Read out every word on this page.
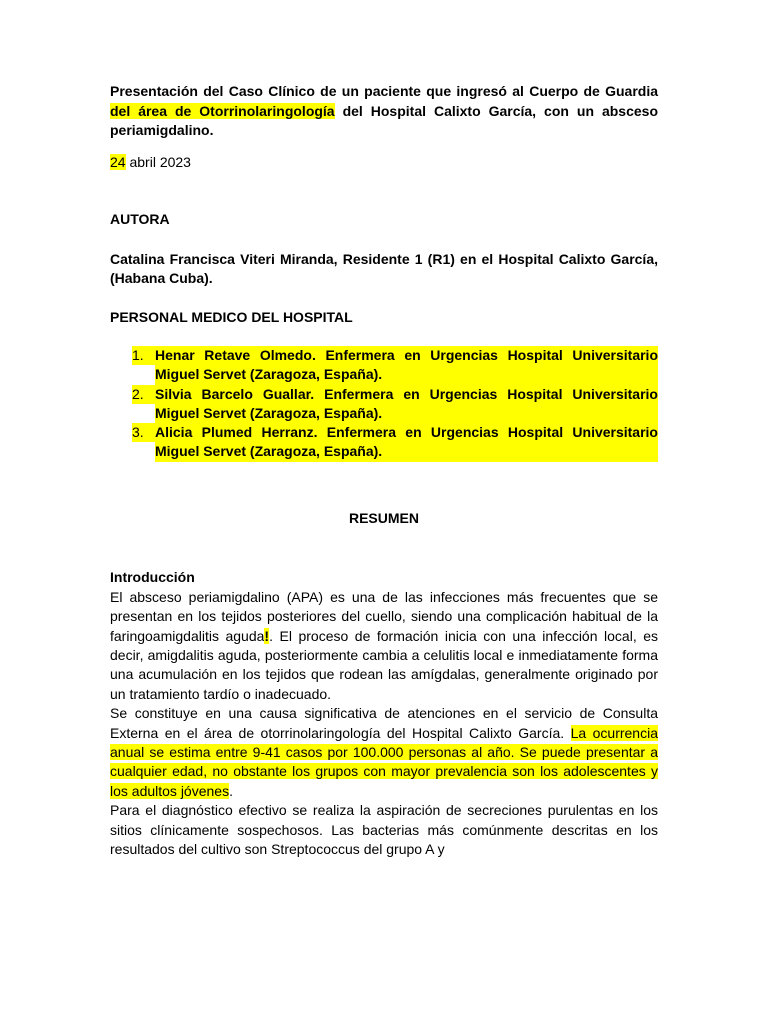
Presentación del Caso Clínico de un paciente que ingresó al Cuerpo de Guardia del área de Otorrinolaringología del Hospital Calixto García, con un absceso periamigdalino.

24 abril 2023

AUTORA

Catalina Francisca Viteri Miranda, Residente 1 (R1) en el Hospital Calixto García, (Habana Cuba).

PERSONAL MEDICO DEL HOSPITAL

1. Henar Retave Olmedo. Enfermera en Urgencias Hospital Universitario Miguel Servet (Zaragoza, España).
2. Silvia Barcelo Guallar. Enfermera en Urgencias Hospital Universitario Miguel Servet (Zaragoza, España).
3. Alicia Plumed Herranz. Enfermera en Urgencias Hospital Universitario Miguel Servet (Zaragoza, España).

RESUMEN

Introducción

El absceso periamigdalino (APA) es una de las infecciones más frecuentes que se presentan en los tejidos posteriores del cuello, siendo una complicación habitual de la faringoamigdalitis aguda!. El proceso de formación inicia con una infección local, es decir, amigdalitis aguda, posteriormente cambia a celulitis local e inmediatamente forma una acumulación en los tejidos que rodean las amígdalas, generalmente originado por un tratamiento tardío o inadecuado.

Se constituye en una causa significativa de atenciones en el servicio de Consulta Externa en el área de otorrinolaringología del Hospital Calixto García. La ocurrencia anual se estima entre 9-41 casos por 100.000 personas al año. Se puede presentar a cualquier edad, no obstante los grupos con mayor prevalencia son los adolescentes y los adultos jóvenes.

Para el diagnóstico efectivo se realiza la aspiración de secreciones purulentas en los sitios clínicamente sospechosos. Las bacterias más comúnmente descritas en los resultados del cultivo son Streptococcus del grupo A y
